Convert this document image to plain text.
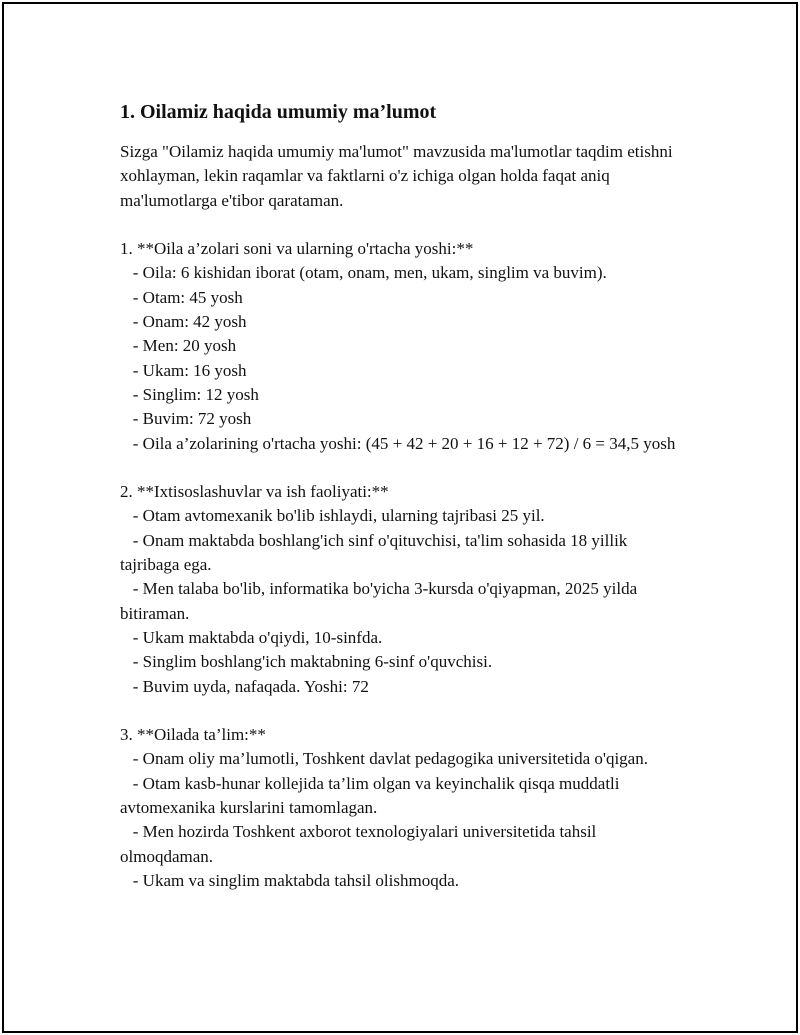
1. Oilamiz haqida umumiy ma’lumot

Sizga "Oilamiz haqida umumiy ma'lumot" mavzusida ma'lumotlar taqdim etishni xohlayman, lekin raqamlar va faktlarni o'z ichiga olgan holda faqat aniq ma'lumotlarga e'tibor qarataman.

1. **Oila a’zolari soni va ularning o'rtacha yoshi:**

- Oila: 6 kishidan iborat (otam, onam, men, ukam, singlim va buvim).

- Otam: 45 yosh

- Onam: 42 yosh

- Men: 20 yosh

- Ukam: 16 yosh

- Singlim: 12 yosh

- Buvim: 72 yosh

- Oila a’zolarining o'rtacha yoshi: (45 + 42 + 20 + 16 + 12 + 72) / 6 = 34,5 yosh

2. **Ixtisoslashuvlar va ish faoliyati:**

- Otam avtomexanik bo'lib ishlaydi, ularning tajribasi 25 yil.

- Onam maktabda boshlang'ich sinf o'qituvchisi, ta'lim sohasida 18 yillik tajribaga ega.

- Men talaba bo'lib, informatika bo'yicha 3-kursda o'qiyapman, 2025 yilda bitiraman.

- Ukam maktabda o'qiydi, 10-sinfda.

- Singlim boshlang'ich maktabning 6-sinf o'quvchisi.

- Buvim uyda, nafaqada. Yoshi: 72

3. **Oilada ta’lim:**

- Onam oliy ma’lumotli, Toshkent davlat pedagogika universitetida o'qigan.

- Otam kasb-hunar kollejida ta’lim olgan va keyinchalik qisqa muddatli avtomexanika kurslarini tamomlagan.

- Men hozirda Toshkent axborot texnologiyalari universitetida tahsil olmoqdaman.

- Ukam va singlim maktabda tahsil olishmoqda.
